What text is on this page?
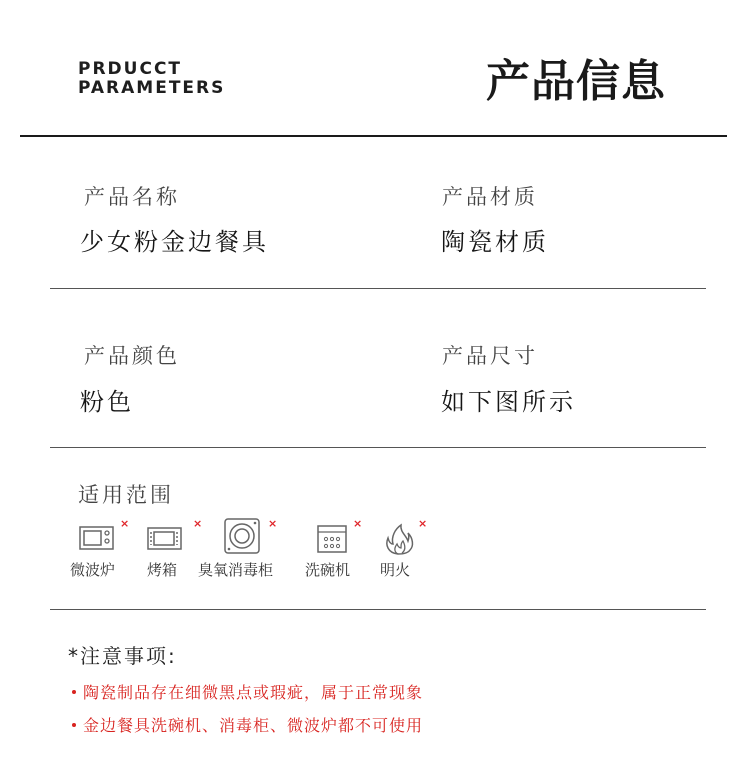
PRDUCCT
PARAMETERS	产品信息
产品名称
少女粉金边餐具
产品材质
陶瓷材质
产品颜色
粉色
产品尺寸
如下图所示
适用范围
×
微波炉
×
烤箱
×
臭氧消毒柜
×
洗碗机
×
明火
*注意事项:
陶瓷制品存在细微黑点或瑕疵，属于正常现象
金边餐具洗碗机、消毒柜、微波炉都不可使用
